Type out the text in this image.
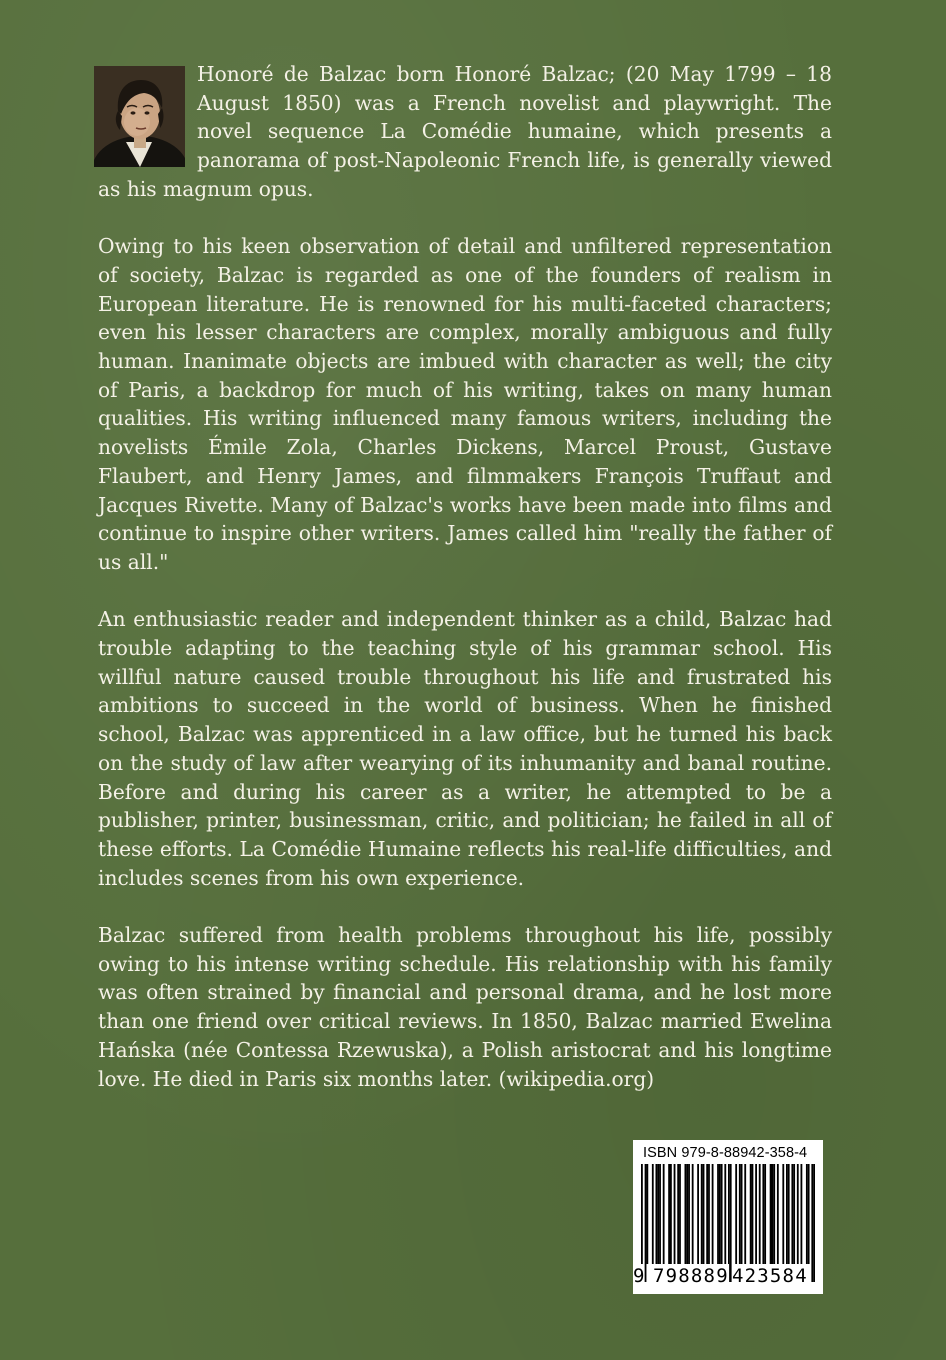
Honoré de Balzac born Honoré Balzac; (20 May 1799 – 18 August 1850) was a French novelist and playwright. The novel sequence La Comédie humaine, which presents a panorama of post-Napoleonic French life, is generally viewed as his magnum opus.

Owing to his keen observation of detail and unfiltered representation of society, Balzac is regarded as one of the founders of realism in European literature. He is renowned for his multi-faceted characters; even his lesser characters are complex, morally ambiguous and fully human. Inanimate objects are imbued with character as well; the city of Paris, a backdrop for much of his writing, takes on many human qualities. His writing influenced many famous writers, including the novelists Émile Zola, Charles Dickens, Marcel Proust, Gustave Flaubert, and Henry James, and filmmakers François Truffaut and Jacques Rivette. Many of Balzac's works have been made into films and continue to inspire other writers. James called him "really the father of us all."

An enthusiastic reader and independent thinker as a child, Balzac had trouble adapting to the teaching style of his grammar school. His willful nature caused trouble throughout his life and frustrated his ambitions to succeed in the world of business. When he finished school, Balzac was apprenticed in a law office, but he turned his back on the study of law after wearying of its inhumanity and banal routine. Before and during his career as a writer, he attempted to be a publisher, printer, businessman, critic, and politician; he failed in all of these efforts. La Comédie Humaine reflects his real-life difficulties, and includes scenes from his own experience.

Balzac suffered from health problems throughout his life, possibly owing to his intense writing schedule. His relationship with his family was often strained by financial and personal drama, and he lost more than one friend over critical reviews. In 1850, Balzac married Ewelina Hańska (née Contessa Rzewuska), a Polish aristocrat and his longtime love. He died in Paris six months later. (wikipedia.org)

ISBN 979-8-88942-358-4
9 798889 423584
